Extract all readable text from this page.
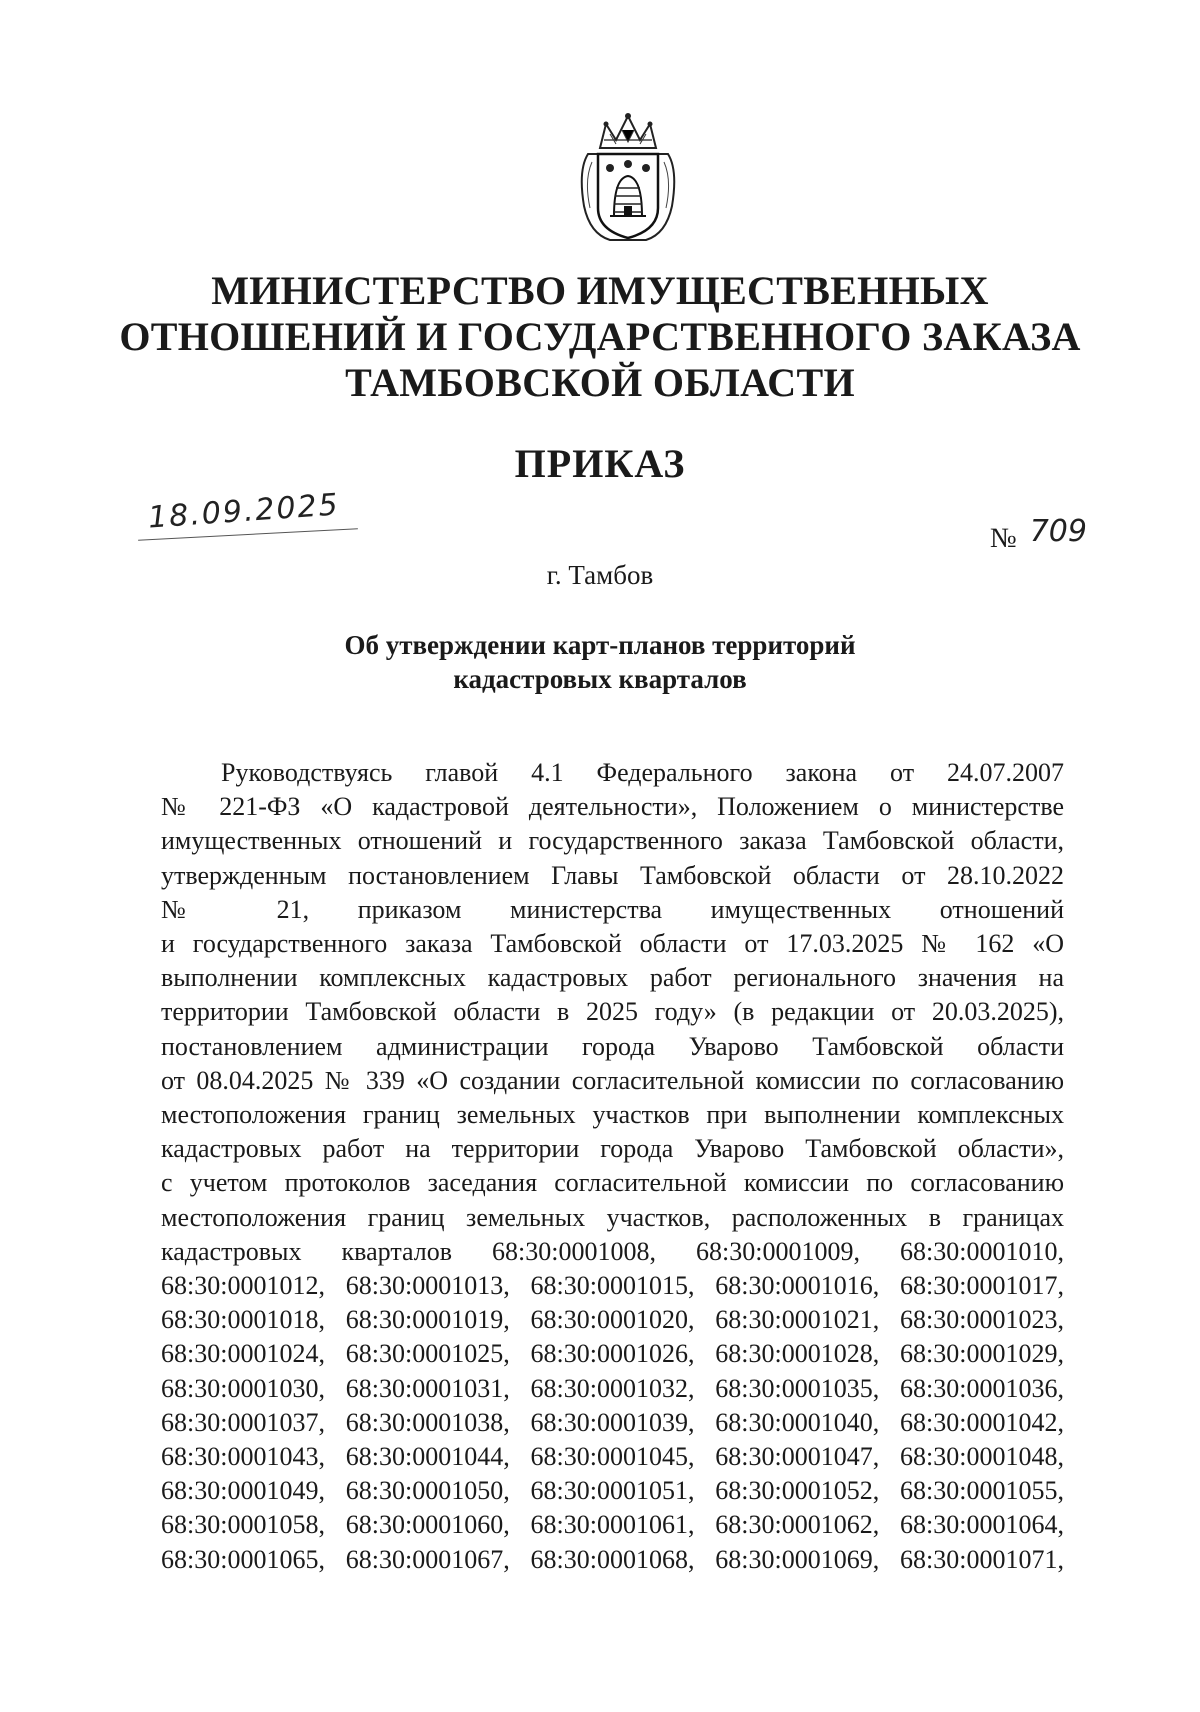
МИНИСТЕРСТВО ИМУЩЕСТВЕННЫХ
ОТНОШЕНИЙ И ГОСУДАРСТВЕННОГО ЗАКАЗА
ТАМБОВСКОЙ ОБЛАСТИ
ПРИКАЗ
18.09.2025
№ 709
г. Тамбов
Об утверждении карт-планов территорий
кадастровых кварталов
Руководствуясь главой 4.1 Федерального закона от 24.07.2007
№ 221-ФЗ «О кадастровой деятельности», Положением о министерстве
имущественных отношений и государственного заказа Тамбовской области,
утвержденным постановлением Главы Тамбовской области от 28.10.2022
№ 21, приказом министерства имущественных отношений
и государственного заказа Тамбовской области от 17.03.2025 № 162 «О
выполнении комплексных кадастровых работ регионального значения на
территории Тамбовской области в 2025 году» (в редакции от 20.03.2025),
постановлением администрации города Уварово Тамбовской области
от 08.04.2025 № 339 «О создании согласительной комиссии по согласованию
местоположения границ земельных участков при выполнении комплексных
кадастровых работ на территории города Уварово Тамбовской области»,
с учетом протоколов заседания согласительной комиссии по согласованию
местоположения границ земельных участков, расположенных в границах
кадастровых кварталов 68:30:0001008, 68:30:0001009, 68:30:0001010,
68:30:0001012, 68:30:0001013, 68:30:0001015, 68:30:0001016, 68:30:0001017,
68:30:0001018, 68:30:0001019, 68:30:0001020, 68:30:0001021, 68:30:0001023,
68:30:0001024, 68:30:0001025, 68:30:0001026, 68:30:0001028, 68:30:0001029,
68:30:0001030, 68:30:0001031, 68:30:0001032, 68:30:0001035, 68:30:0001036,
68:30:0001037, 68:30:0001038, 68:30:0001039, 68:30:0001040, 68:30:0001042,
68:30:0001043, 68:30:0001044, 68:30:0001045, 68:30:0001047, 68:30:0001048,
68:30:0001049, 68:30:0001050, 68:30:0001051, 68:30:0001052, 68:30:0001055,
68:30:0001058, 68:30:0001060, 68:30:0001061, 68:30:0001062, 68:30:0001064,
68:30:0001065, 68:30:0001067, 68:30:0001068, 68:30:0001069, 68:30:0001071,
